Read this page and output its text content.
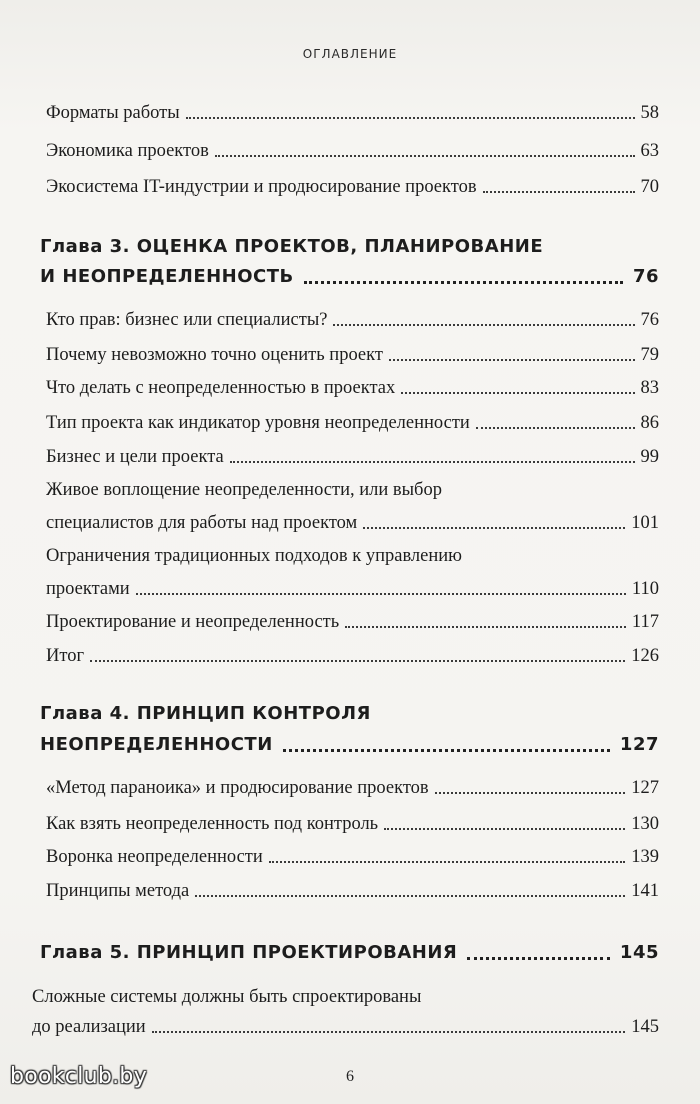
ОГЛАВЛЕНИЕ
Форматы работы	58
Экономика проектов	63
Экосистема IT-индустрии и продюсирование проектов	70
Глава 3. ОЦЕНКА ПРОЕКТОВ, ПЛАНИРОВАНИЕ
И НЕОПРЕДЕЛЕННОСТЬ	76
Кто прав: бизнес или специалисты?	76
Почему невозможно точно оценить проект	79
Что делать с неопределенностью в проектах	83
Тип проекта как индикатор уровня неопределенности	86
Бизнес и цели проекта	99
Живое воплощение неопределенности, или выбор
специалистов для работы над проектом	101
Ограничения традиционных подходов к управлению
проектами	110
Проектирование и неопределенность	117
Итог	126
Глава 4. ПРИНЦИП КОНТРОЛЯ
НЕОПРЕДЕЛЕННОСТИ	127
«Метод параноика» и продюсирование проектов	127
Как взять неопределенность под контроль	130
Воронка неопределенности	139
Принципы метода	141
Глава 5. ПРИНЦИП ПРОЕКТИРОВАНИЯ	145
Сложные системы должны быть спроектированы
до реализации	145
6
bookclub.by
